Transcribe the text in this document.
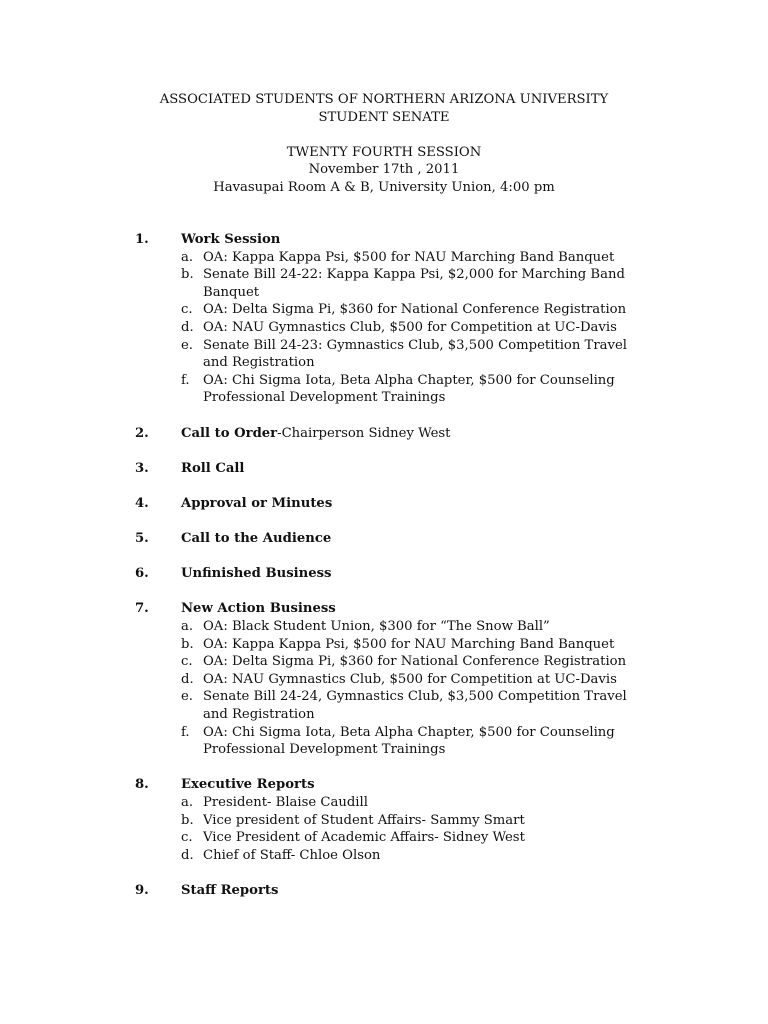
ASSOCIATED STUDENTS OF NORTHERN ARIZONA UNIVERSITY
STUDENT SENATE
TWENTY FOURTH SESSION
November 17th , 2011
Havasupai Room A & B, University Union, 4:00 pm
1. Work Session
a. OA: Kappa Kappa Psi, $500 for NAU Marching Band Banquet
b. Senate Bill 24-22: Kappa Kappa Psi, $2,000 for Marching Band Banquet
c. OA: Delta Sigma Pi, $360 for National Conference Registration
d. OA: NAU Gymnastics Club, $500 for Competition at UC-Davis
e. Senate Bill 24-23: Gymnastics Club, $3,500 Competition Travel and Registration
f. OA: Chi Sigma Iota, Beta Alpha Chapter, $500 for Counseling Professional Development Trainings
2. Call to Order-Chairperson Sidney West
3. Roll Call
4. Approval or Minutes
5. Call to the Audience
6. Unfinished Business
7. New Action Business
a. OA: Black Student Union, $300 for “The Snow Ball”
b. OA: Kappa Kappa Psi, $500 for NAU Marching Band Banquet
c. OA: Delta Sigma Pi, $360 for National Conference Registration
d. OA: NAU Gymnastics Club, $500 for Competition at UC-Davis
e. Senate Bill 24-24, Gymnastics Club, $3,500 Competition Travel and Registration
f. OA: Chi Sigma Iota, Beta Alpha Chapter, $500 for Counseling Professional Development Trainings
8. Executive Reports
a. President- Blaise Caudill
b. Vice president of Student Affairs- Sammy Smart
c. Vice President of Academic Affairs- Sidney West
d. Chief of Staff- Chloe Olson
9. Staff Reports
